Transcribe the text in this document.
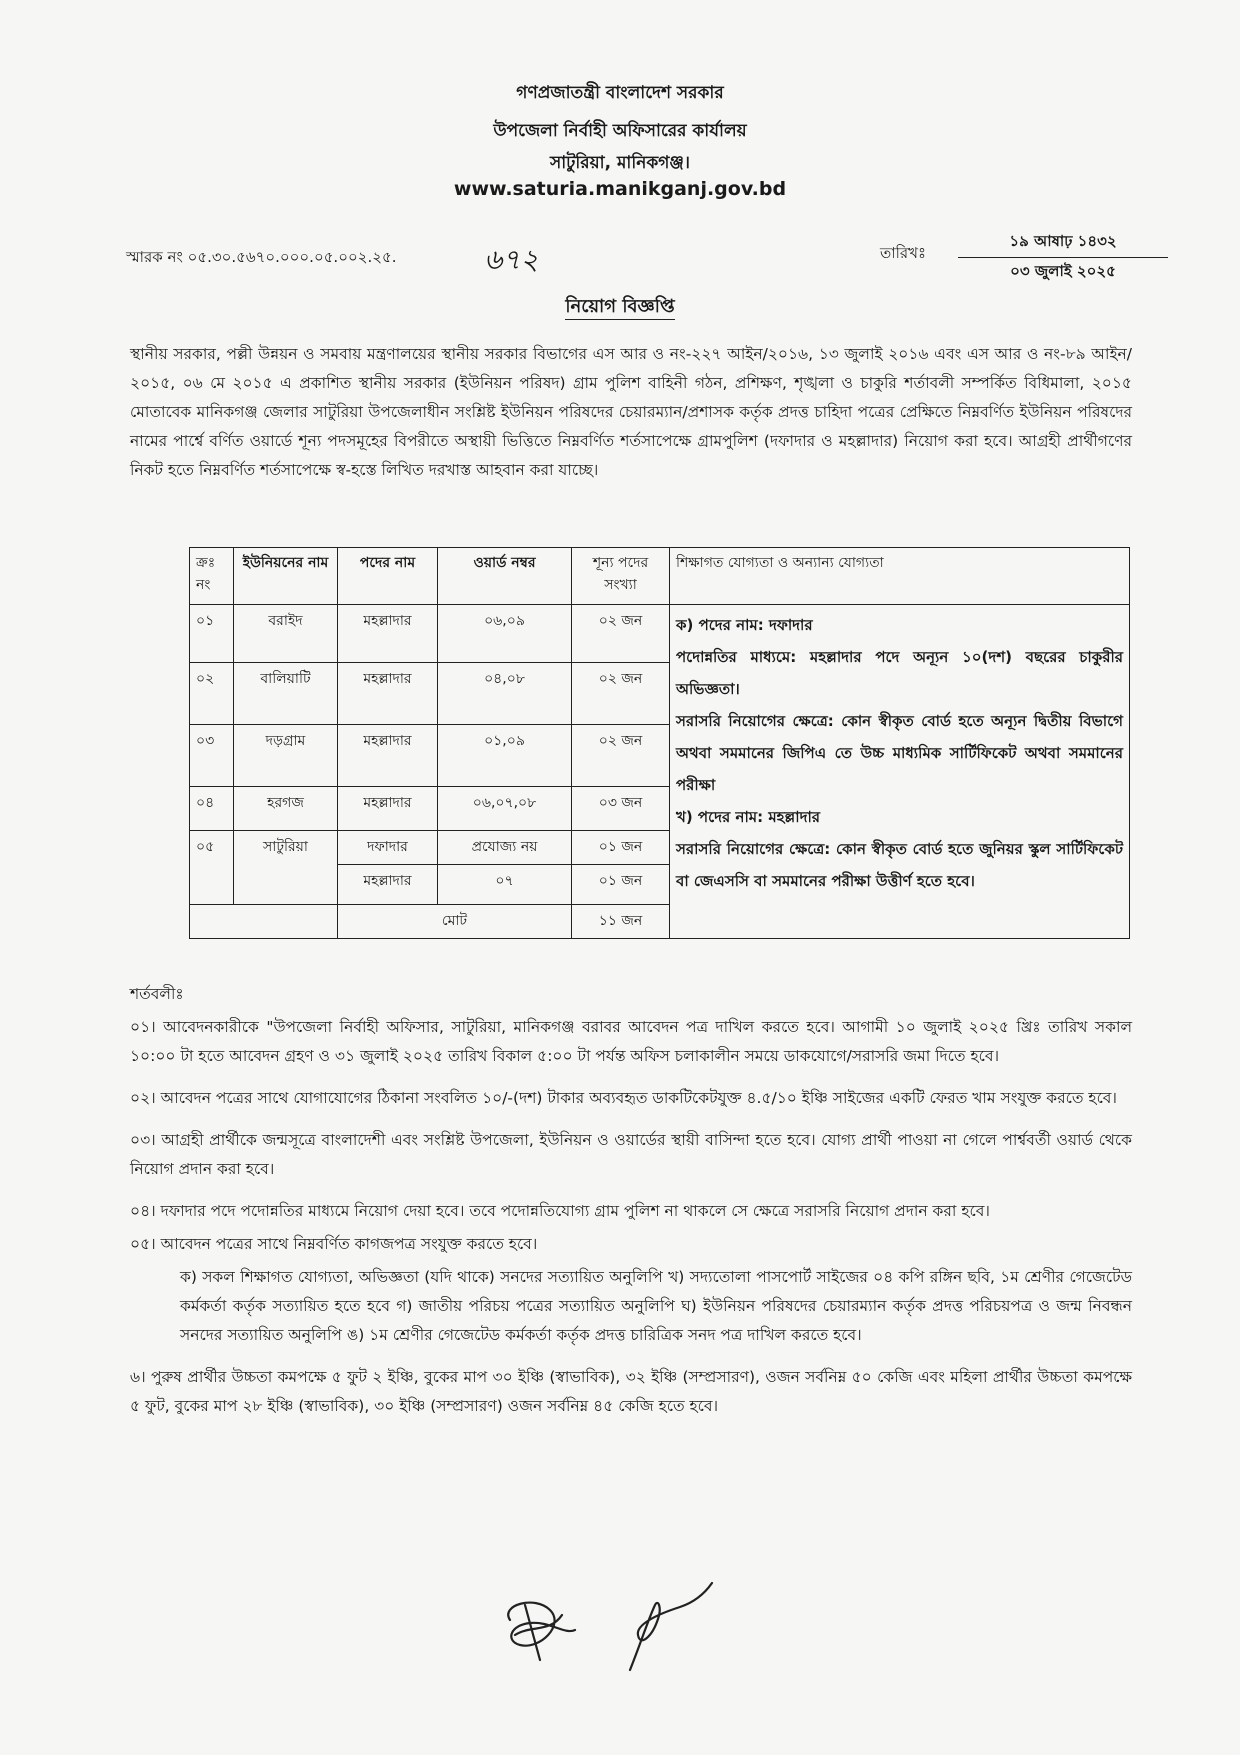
গণপ্রজাতন্ত্রী বাংলাদেশ সরকার
উপজেলা নির্বাহী অফিসারের কার্যালয়
সাটুরিয়া, মানিকগঞ্জ।
www.saturia.manikganj.gov.bd
স্মারক নং ০৫.৩০.৫৬৭০.০০০.০৫.০০২.২৫.	৬৭২	তারিখঃ
১৯ আষাঢ় ১৪৩২
০৩ জুলাই ২০২৫
নিয়োগ বিজ্ঞপ্তি
স্থানীয় সরকার, পল্লী উন্নয়ন ও সমবায় মন্ত্রণালয়ের স্থানীয় সরকার বিভাগের এস আর ও নং-২২৭ আইন/২০১৬, ১৩ জুলাই ২০১৬ এবং এস আর ও নং-৮৯ আইন/২০১৫, ০৬ মে ২০১৫ এ প্রকাশিত স্থানীয় সরকার (ইউনিয়ন পরিষদ) গ্রাম পুলিশ বাহিনী গঠন, প্রশিক্ষণ, শৃঙ্খলা ও চাকুরি শর্তাবলী সম্পর্কিত বিধিমালা, ২০১৫ মোতাবেক মানিকগঞ্জ জেলার সাটুরিয়া উপজেলাধীন সংশ্লিষ্ট ইউনিয়ন পরিষদের চেয়ারম্যান/প্রশাসক কর্তৃক প্রদত্ত চাহিদা পত্রের প্রেক্ষিতে নিম্নবর্ণিত ইউনিয়ন পরিষদের নামের পার্শ্বে বর্ণিত ওয়ার্ডে শূন্য পদসমূহের বিপরীতে অস্থায়ী ভিত্তিতে নিম্নবর্ণিত শর্তসাপেক্ষে গ্রামপুলিশ (দফাদার ও মহল্লাদার) নিয়োগ করা হবে। আগ্রহী প্রার্থীগণের নিকট হতে নিম্নবর্ণিত শর্তসাপেক্ষে স্ব-হস্তে লিখিত দরখাস্ত আহবান করা যাচ্ছে।
ক্রঃ নং	ইউনিয়নের নাম	পদের নাম	ওয়ার্ড নম্বর	শূন্য পদের সংখ্যা	শিক্ষাগত যোগ্যতা ও অন্যান্য যোগ্যতা
০১	বরাইদ	মহল্লাদার	০৬,০৯	০২ জন	ক) পদের নাম: দফাদার
পদোন্নতির মাধ্যমে: মহল্লাদার পদে অন্যূন ১০(দশ) বছরের চাকুরীর অভিজ্ঞতা।
সরাসরি নিয়োগের ক্ষেত্রে: কোন স্বীকৃত বোর্ড হতে অন্যূন দ্বিতীয় বিভাগে অথবা সমমানের জিপিএ তে উচ্চ মাধ্যমিক সার্টিফিকেট অথবা সমমানের পরীক্ষা
খ) পদের নাম: মহল্লাদার
সরাসরি নিয়োগের ক্ষেত্রে: কোন স্বীকৃত বোর্ড হতে জুনিয়র স্কুল সার্টিফিকেট বা জেএসসি বা সমমানের পরীক্ষা উত্তীর্ণ হতে হবে।

০২	বালিয়াটি	মহল্লাদার	০৪,০৮	০২ জন	
০৩	দড়গ্রাম	মহল্লাদার	০১,০৯	০২ জন	
০৪	হরগজ	মহল্লাদার	০৬,০৭,০৮	০৩ জন	
০৫	সাটুরিয়া	দফাদার	প্রযোজ্য নয়	০১ জন	
		মহল্লাদার	০৭	০১ জন	
		মোট		১১ জন	

শর্তবলীঃ

০১। আবেদনকারীকে "উপজেলা নির্বাহী অফিসার, সাটুরিয়া, মানিকগঞ্জ বরাবর আবেদন পত্র দাখিল করতে হবে। আগামী ১০ জুলাই ২০২৫ খ্রিঃ তারিখ সকাল ১০:০০ টা হতে আবেদন গ্রহণ ও ৩১ জুলাই ২০২৫ তারিখ বিকাল ৫:০০ টা পর্যন্ত অফিস চলাকালীন সময়ে ডাকযোগে/সরাসরি জমা দিতে হবে।

০২। আবেদন পত্রের সাথে যোগাযোগের ঠিকানা সংবলিত ১০/-(দশ) টাকার অব্যবহৃত ডাকটিকেটযুক্ত ৪.৫/১০ ইঞ্চি সাইজের একটি ফেরত খাম সংযুক্ত করতে হবে।

০৩। আগ্রহী প্রার্থীকে জন্মসূত্রে বাংলাদেশী এবং সংশ্লিষ্ট উপজেলা, ইউনিয়ন ও ওয়ার্ডের স্থায়ী বাসিন্দা হতে হবে। যোগ্য প্রার্থী পাওয়া না গেলে পার্শ্ববর্তী ওয়ার্ড থেকে নিয়োগ প্রদান করা হবে।

০৪। দফাদার পদে পদোন্নতির মাধ্যমে নিয়োগ দেয়া হবে। তবে পদোন্নতিযোগ্য গ্রাম পুলিশ না থাকলে সে ক্ষেত্রে সরাসরি নিয়োগ প্রদান করা হবে।

০৫। আবেদন পত্রের সাথে নিম্নবর্ণিত কাগজপত্র সংযুক্ত করতে হবে।

ক) সকল শিক্ষাগত যোগ্যতা, অভিজ্ঞতা (যদি থাকে) সনদের সত্যায়িত অনুলিপি খ) সদ্যতোলা পাসপোর্ট সাইজের ০৪ কপি রঙ্গিন ছবি, ১ম শ্রেণীর গেজেটেড কর্মকর্তা কর্তৃক সত্যায়িত হতে হবে গ) জাতীয় পরিচয় পত্রের সত্যায়িত অনুলিপি ঘ) ইউনিয়ন পরিষদের চেয়ারম্যান কর্তৃক প্রদত্ত পরিচয়পত্র ও জন্ম নিবন্ধন সনদের সত্যায়িত অনুলিপি ঙ) ১ম শ্রেণীর গেজেটেড কর্মকর্তা কর্তৃক প্রদত্ত চারিত্রিক সনদ পত্র দাখিল করতে হবে।

৬। পুরুষ প্রার্থীর উচ্চতা কমপক্ষে ৫ ফুট ২ ইঞ্চি, বুকের মাপ ৩০ ইঞ্চি (স্বাভাবিক), ৩২ ইঞ্চি (সম্প্রসারণ), ওজন সর্বনিম্ন ৫০ কেজি এবং মহিলা প্রার্থীর উচ্চতা কমপক্ষে ৫ ফুট, বুকের মাপ ২৮ ইঞ্চি (স্বাভাবিক), ৩০ ইঞ্চি (সম্প্রসারণ) ওজন সর্বনিম্ন ৪৫ কেজি হতে হবে।
